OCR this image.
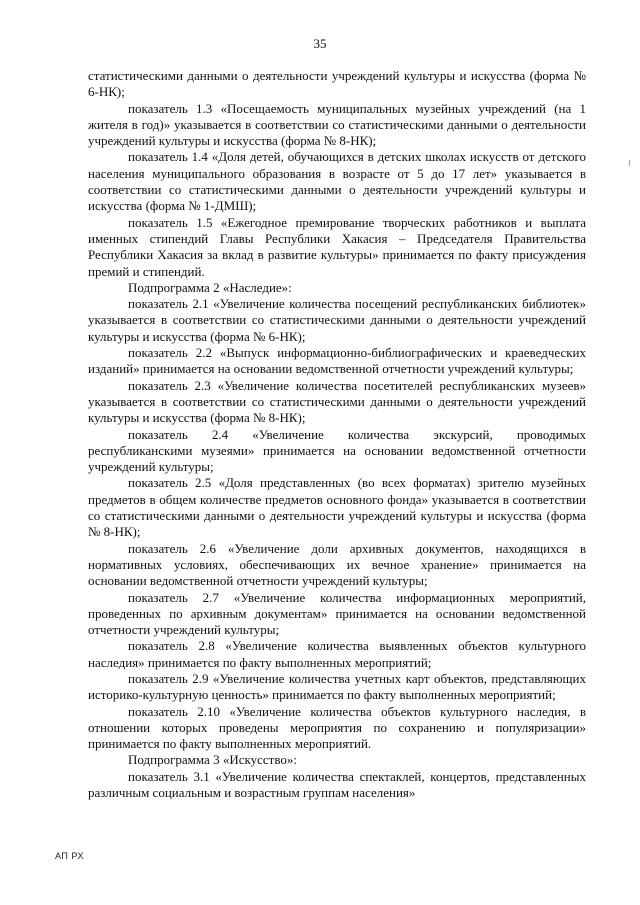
35

статистическими данными о деятельности учреждений культуры и искусства (форма № 6-НК);

показатель 1.3 «Посещаемость муниципальных музейных учреждений (на 1 жителя в год)» указывается в соответствии со статистическими данными о деятельности учреждений культуры и искусства (форма № 8-НК);

показатель 1.4 «Доля детей, обучающихся в детских школах искусств от детского населения муниципального образования в возрасте от 5 до 17 лет» указывается в соответствии со статистическими данными о деятельности учреждений культуры и искусства (форма № 1-ДМШ);

показатель 1.5 «Ежегодное премирование творческих работников и выплата именных стипендий Главы Республики Хакасия – Председателя Правительства Республики Хакасия за вклад в развитие культуры» принимается по факту присуждения премий и стипендий.

Подпрограмма 2 «Наследие»:

показатель 2.1 «Увеличение количества посещений республиканских библиотек» указывается в соответствии со статистическими данными о деятельности учреждений культуры и искусства (форма № 6-НК);

показатель 2.2 «Выпуск информационно-библиографических и краеведческих изданий» принимается на основании ведомственной отчетности учреждений культуры;

показатель 2.3 «Увеличение количества посетителей республиканских музеев» указывается в соответствии со статистическими данными о деятельности учреждений культуры и искусства (форма № 8-НК);

показатель 2.4 «Увеличение количества экскурсий, проводимых республиканскими музеями» принимается на основании ведомственной отчетности учреждений культуры;

показатель 2.5 «Доля представленных (во всех форматах) зрителю музейных предметов в общем количестве предметов основного фонда» указывается в соответствии со статистическими данными о деятельности учреждений культуры и искусства (форма № 8-НК);

показатель 2.6 «Увеличение доли архивных документов, находящихся в нормативных условиях, обеспечивающих их вечное хранение» принимается на основании ведомственной отчетности учреждений культуры;

показатель 2.7 «Увеличение количества информационных мероприятий, проведенных по архивным документам» принимается на основании ведомственной отчетности учреждений культуры;

показатель 2.8 «Увеличение количества выявленных объектов культурного наследия» принимается по факту выполненных мероприятий;

показатель 2.9 «Увеличение количества учетных карт объектов, представляющих историко-культурную ценность» принимается по факту выполненных мероприятий;

показатель 2.10 «Увеличение количества объектов культурного наследия, в отношении которых проведены мероприятия по сохранению и популяризации» принимается по факту выполненных мероприятий.

Подпрограмма 3 «Искусство»:

показатель 3.1 «Увеличение количества спектаклей, концертов, представленных различным социальным и возрастным группам населения»

АП РХ
